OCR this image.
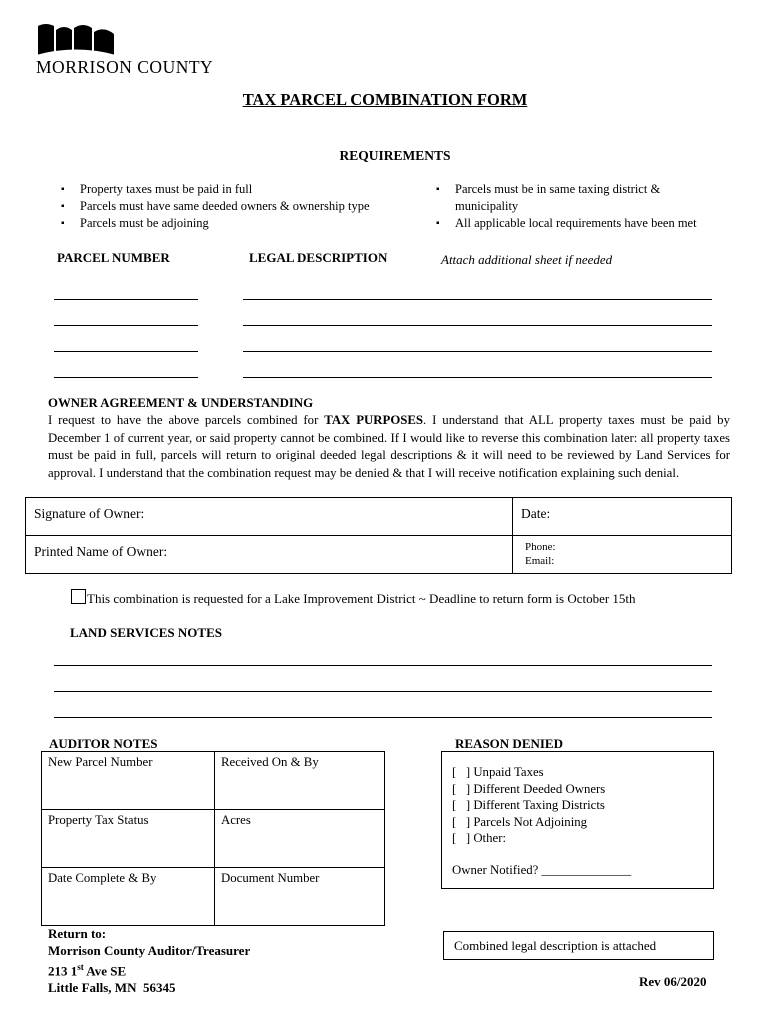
MORRISON COUNTY
TAX PARCEL COMBINATION FORM
REQUIREMENTS
▪ Property taxes must be paid in full
▪ Parcels must have same deeded owners & ownership type
▪ Parcels must be adjoining
▪ Parcels must be in same taxing district &
municipality
▪ All applicable local requirements have been met
PARCEL NUMBER	LEGAL DESCRIPTION	Attach additional sheet if needed
OWNER AGREEMENT & UNDERSTANDING
I request to have the above parcels combined for TAX PURPOSES. I understand that ALL property taxes must be paid by December 1 of current year, or said property cannot be combined. If I would like to reverse this combination later: all property taxes must be paid in full, parcels will return to original deeded legal descriptions & it will need to be reviewed by Land Services for approval. I understand that the combination request may be denied & that I will receive notification explaining such denial.
Signature of Owner:	Date:
Printed Name of Owner:	Phone:
Email:
This combination is requested for a Lake Improvement District ~ Deadline to return form is October 15th
LAND SERVICES NOTES
AUDITOR NOTES
New Parcel Number	Received On & By
Property Tax Status	Acres
Date Complete & By	Document Number
REASON DENIED
[   ] Unpaid Taxes
[   ] Different Deeded Owners
[   ] Different Taxing Districts
[   ] Parcels Not Adjoining
[   ] Other:
Owner Notified? ______________
Combined legal description is attached
Return to:
Morrison County Auditor/Treasurer
213 1st Ave SE
Little Falls, MN  56345	Rev 06/2020
